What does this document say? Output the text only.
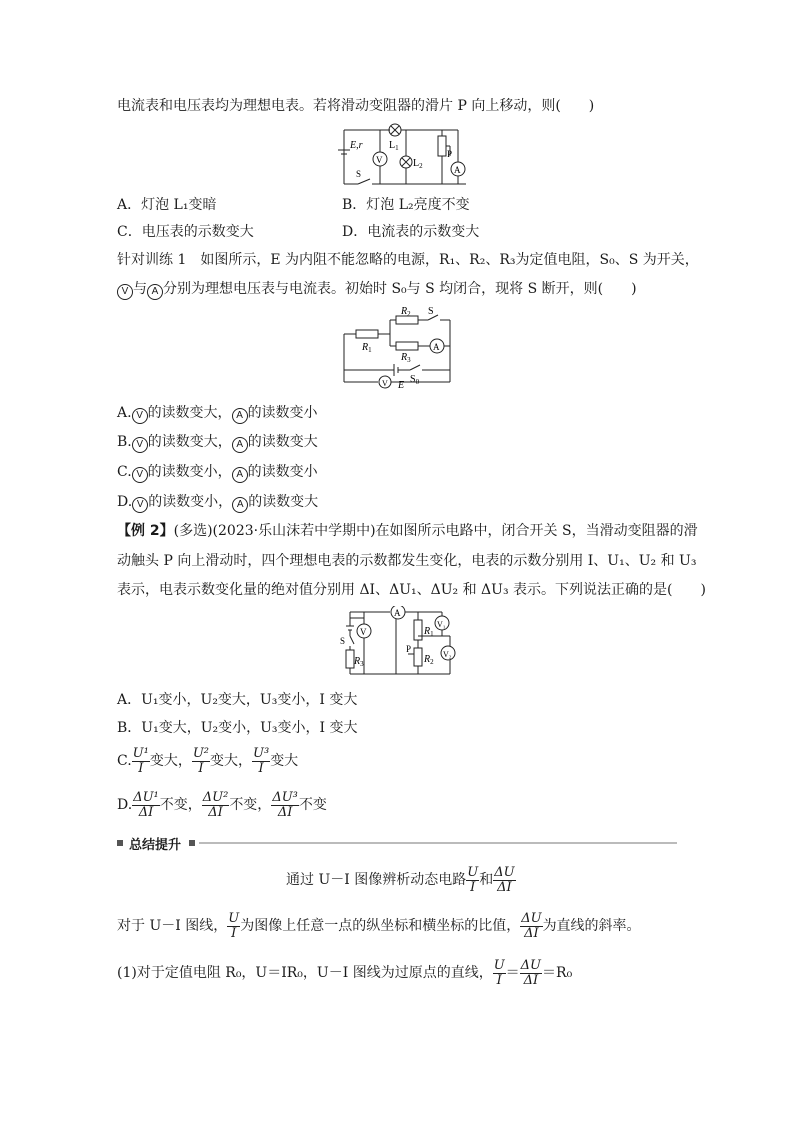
电流表和电压表均为理想电表。若将滑动变阻器的滑片 P 向上移动，则(　　)
E,r
V
$L_1$
$L_2$
P
A
S
A．灯泡 L₁变暗	B．灯泡 L₂亮度不变
C．电压表的示数变大	D．电流表的示数变大
针对训练 1　如图所示，E 为内阻不能忽略的电源，R₁、R₂、R₃为定值电阻，S₀、S 为开关，
V 与 A 分别为理想电压表与电流表。初始时 S₀与 S 均闭合，现将 S 断开，则(　　)
$R_1$
$R_2$
$R_3$
S
A
E
$S_0$
V
A. V 的读数变大， A 的读数变小
B. V 的读数变大， A 的读数变大
C. V 的读数变小， A 的读数变小
D. V 的读数变小， A 的读数变大
【例 2】(多选)(2023·乐山沫若中学期中)在如图所示电路中，闭合开关 S，当滑动变阻器的滑
动触头 P 向上滑动时，四个理想电表的示数都发生变化，电表的示数分别用 I、U₁、U₂ 和 U₃
表示，电表示数变化量的绝对值分别用 ΔI、ΔU₁、ΔU₂ 和 ΔU₃ 表示。下列说法正确的是(　　)
S
$R_3$
V
A
$R_1$
$R_2$
P
V₁
V₂
A．U₁变小，U₂变大，U₃变小，I 变大
B．U₁变大，U₂变小，U₃变小，I 变大
C. $\frac{\text{U¹}}{I}$ 变大， $\frac{\text{U²}}{I}$ 变大， $\frac{\text{U³}}{I}$ 变大
D. $\frac{\text{ΔU¹}}{\Delta I}$ 不变， $\frac{\text{ΔU²}}{\Delta I}$ 不变， $\frac{\text{ΔU³}}{\Delta I}$ 不变
总结提升
通过 U－I 图像辨析动态电路 $\frac{U}{I}$ 和 $\frac{\Delta U}{\Delta I}$
对于 U－I 图线， $\frac{U}{I}$ 为图像上任意一点的纵坐标和横坐标的比值， $\frac{\Delta U}{\Delta I}$ 为直线的斜率。
(1)对于定值电阻 R₀，U＝IR₀，U－I 图线为过原点的直线， $\frac{U}{I} = \frac{\Delta U}{\Delta I} =R_0$
